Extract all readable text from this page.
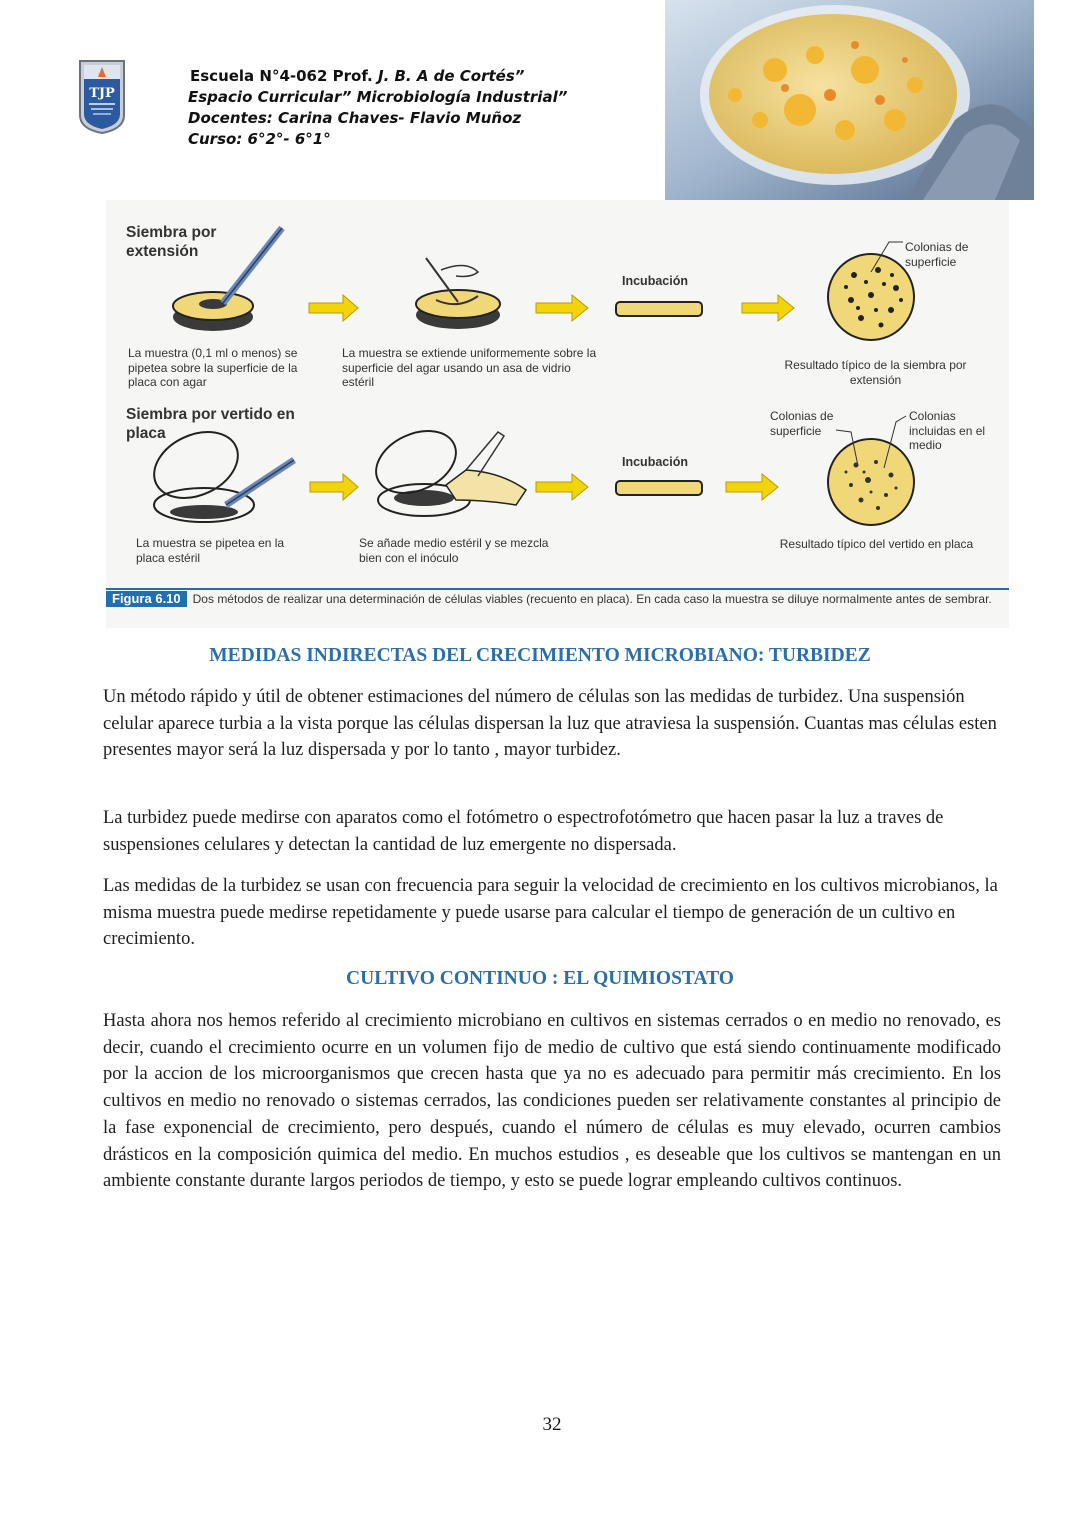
TJP
Escuela N°4-062 Prof. J. B. A de Cortés”
Espacio Curricular” Microbiología Industrial”
Docentes: Carina Chaves- Flavio Muñoz
Curso: 6°2°- 6°1°
Siembra por extensión
La muestra (0,1 ml o menos) se pipetea sobre la superficie de la placa con agar
La muestra se extiende uniformemente sobre la superficie del agar usando un asa de vidrio estéril
Incubación
Colonias de superficie
Resultado típico de la siembra por extensión
Siembra por vertido en placa
La muestra se pipetea en la placa estéril
Se añade medio estéril y se mezcla bien con el inóculo
Incubación
Colonias de superficie
Colonias incluidas en el medio
Resultado típico del vertido en placa
Figura 6.10 Dos métodos de realizar una determinación de células viables (recuento en placa). En cada caso la muestra se diluye normalmente antes de sembrar.
MEDIDAS INDIRECTAS DEL CRECIMIENTO MICROBIANO: TURBIDEZ
Un método rápido y útil de obtener estimaciones del número de células son las medidas de turbidez. Una suspensión celular aparece turbia a la vista porque las células dispersan la luz que atraviesa la suspensión. Cuantas mas células esten presentes mayor será la luz dispersada y por lo tanto , mayor turbidez.
La turbidez puede medirse con aparatos como el fotómetro o espectrofotómetro que hacen pasar la luz a traves de suspensiones celulares y detectan la cantidad de luz emergente no dispersada.
Las medidas de la turbidez se usan con frecuencia para seguir la velocidad de crecimiento en los cultivos microbianos, la misma muestra puede medirse repetidamente y puede usarse para calcular el tiempo de generación de un cultivo en crecimiento.
CULTIVO CONTINUO : EL QUIMIOSTATO
Hasta ahora nos hemos referido al crecimiento microbiano en cultivos en sistemas cerrados o en medio no renovado, es decir, cuando el crecimiento ocurre en un volumen fijo de medio de cultivo que está siendo continuamente modificado por la accion de los microorganismos que crecen hasta que ya no es adecuado para permitir más crecimiento. En los cultivos en medio no renovado o sistemas cerrados, las condiciones pueden ser relativamente constantes al principio de la fase exponencial de crecimiento, pero después, cuando el número de células es muy elevado, ocurren cambios drásticos en la composición quimica del medio. En muchos estudios , es deseable que los cultivos se mantengan en un ambiente constante durante largos periodos de tiempo, y esto se puede lograr empleando cultivos continuos.
32
